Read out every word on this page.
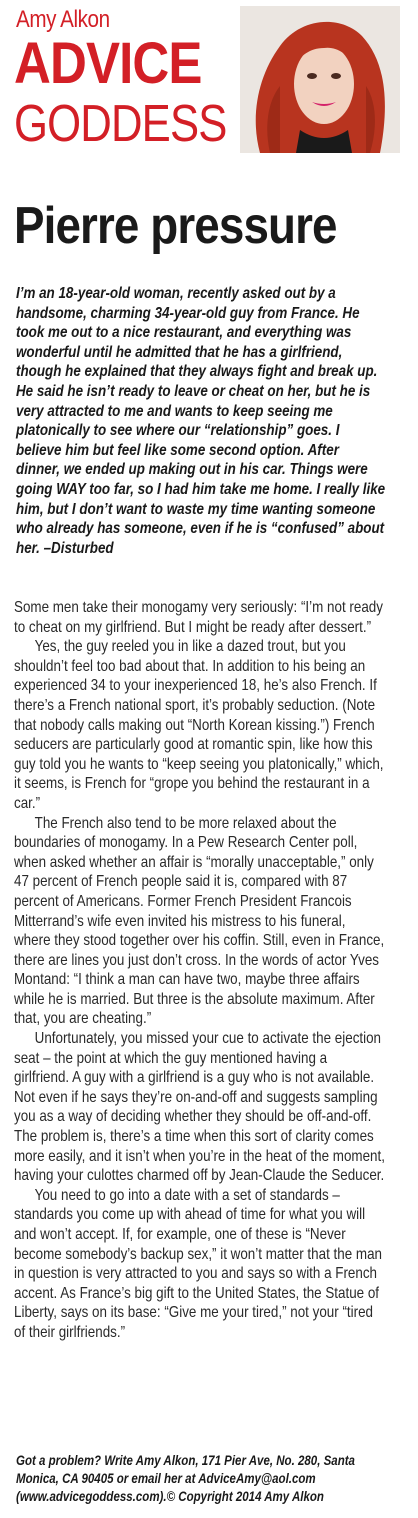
Amy Alkon
ADVICE
GODDESS
Pierre pressure

I’m an 18-year-old woman, recently asked out by a handsome, charming 34-year-old guy from France. He took me out to a nice restaurant, and everything was wonderful until he admitted that he has a girlfriend, though he explained that they always fight and break up. He said he isn’t ready to leave or cheat on her, but he is very attracted to me and wants to keep seeing me platonically to see where our “relationship” goes. I believe him but feel like some second option. After dinner, we ended up making out in his car. Things were going WAY too far, so I had him take me home. I really like him, but I don’t want to waste my time wanting someone who already has someone, even if he is “confused” about her. –Disturbed

Some men take their monogamy very seriously: “I’m not ready to cheat on my girlfriend. But I might be ready after dessert.”

Yes, the guy reeled you in like a dazed trout, but you shouldn’t feel too bad about that. In addition to his being an experienced 34 to your inexperienced 18, he’s also French. If there’s a French national sport, it’s probably seduction. (Note that nobody calls making out “North Korean kissing.”) French seducers are particularly good at romantic spin, like how this guy told you he wants to “keep seeing you platonically,” which, it seems, is French for “grope you behind the restaurant in a car.”

The French also tend to be more relaxed about the boundaries of monogamy. In a Pew Research Center poll, when asked whether an affair is “morally unacceptable,” only 47 percent of French people said it is, compared with 87 percent of Americans. Former French President Francois Mitterrand’s wife even invited his mistress to his funeral, where they stood together over his coffin. Still, even in France, there are lines you just don’t cross. In the words of actor Yves Montand: “I think a man can have two, maybe three affairs while he is married. But three is the absolute maximum. After that, you are cheating.”

Unfortunately, you missed your cue to activate the ejection seat – the point at which the guy mentioned having a girlfriend. A guy with a girlfriend is a guy who is not available. Not even if he says they’re on-and-off and suggests sampling you as a way of deciding whether they should be off-and-off. The problem is, there’s a time when this sort of clarity comes more easily, and it isn’t when you’re in the heat of the moment, having your culottes charmed off by Jean-Claude the Seducer.

You need to go into a date with a set of standards – standards you come up with ahead of time for what you will and won’t accept. If, for example, one of these is “Never become somebody’s backup sex,” it won’t matter that the man in question is very attracted to you and says so with a French accent. As France’s big gift to the United States, the Statue of Liberty, says on its base: “Give me your tired,” not your “tired of their girlfriends.”

Got a problem? Write Amy Alkon, 171 Pier Ave, No. 280, Santa Monica, CA 90405 or email her at AdviceAmy@aol.com (www.advicegoddess.com).© Copyright 2014 Amy Alkon
